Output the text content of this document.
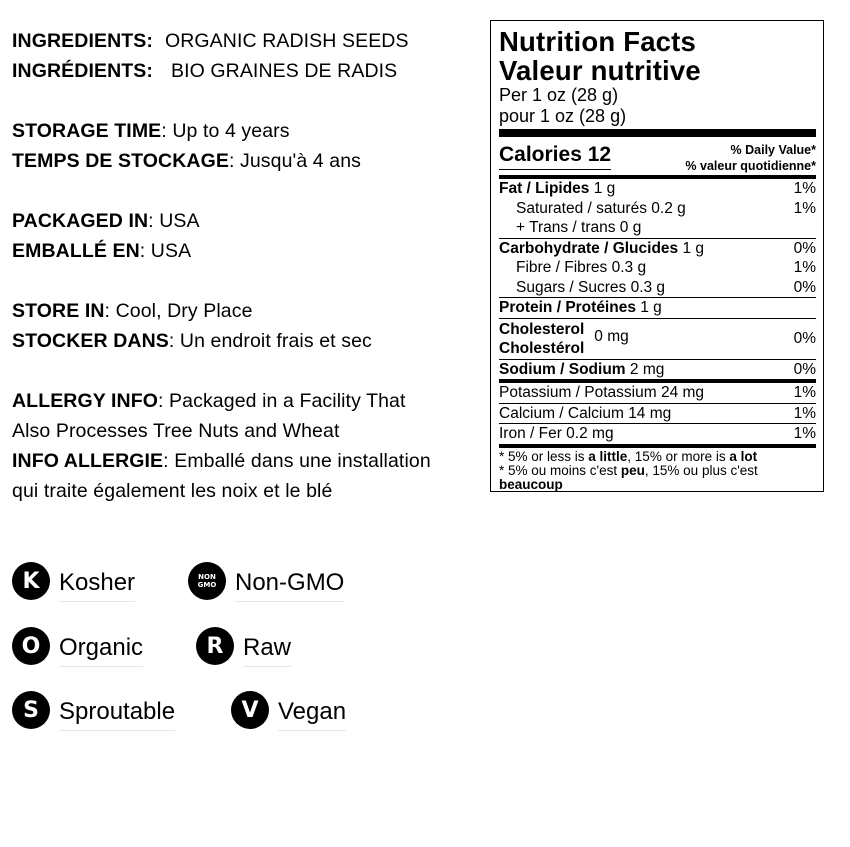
INGREDIENTS: ORGANIC RADISH SEEDS
INGRÉDIENTS: BIO GRAINES DE RADIS
STORAGE TIME: Up to 4 years
TEMPS DE STOCKAGE: Jusqu'à 4 ans
PACKAGED IN: USA
EMBALLÉ EN: USA
STORE IN: Cool, Dry Place
STOCKER DANS: Un endroit frais et sec
ALLERGY INFO: Packaged in a Facility That
Also Processes Tree Nuts and Wheat
INFO ALLERGIE: Emballé dans une installation
qui traite également les noix et le blé
Nutrition Facts
Valeur nutritive
Per 1 oz (28 g)
pour 1 oz (28 g)
Calories 12	% Daily Value*
% valeur quotidienne*
Fat / Lipides 1 g	1%
Saturated / saturés 0.2 g	1%
+ Trans / trans 0 g
Carbohydrate / Glucides 1 g	0%
Fibre / Fibres 0.3 g	1%
Sugars / Sucres 0.3 g	0%
Protein / Protéines 1 g
Cholesterol
Cholestérol
0 mg	0%
Sodium / Sodium 2 mg	0%
Potassium / Potassium 24 mg	1%
Calcium / Calcium 14 mg	1%
Iron / Fer 0.2 mg	1%
* 5% or less is a little, 15% or more is a lot
* 5% ou moins c'est peu, 15% ou plus c'est
beaucoup
K Kosher	NON
GMO Non-GMO
O Organic	R Raw
S Sproutable	V Vegan
